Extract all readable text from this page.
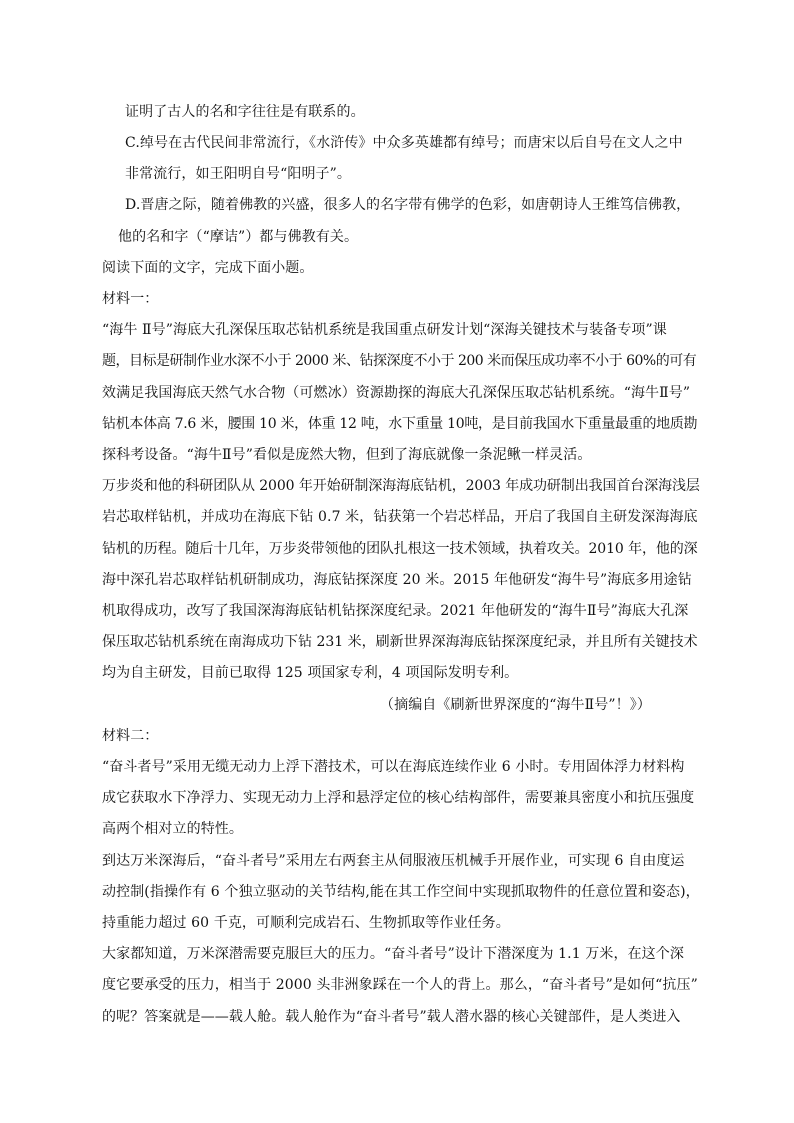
证明了古人的名和字往往是有联系的。
C.绰号在古代民间非常流行，《水浒传》中众多英雄都有绰号；而唐宋以后自号在文人之中
非常流行，如王阳明自号“阳明子”。
D.晋唐之际，随着佛教的兴盛，很多人的名字带有佛学的色彩，如唐朝诗人王维笃信佛教，
他的名和字（“摩诘”）都与佛教有关。
阅读下面的文字，完成下面小题。
材料一：
“海牛 Ⅱ号”海底大孔深保压取芯钻机系统是我国重点研发计划“深海关键技术与装备专项”课
题，目标是研制作业水深不小于 2000 米、钻探深度不小于 200 米而保压成功率不小于 60%的可有
效满足我国海底天然气水合物（可燃冰）资源勘探的海底大孔深保压取芯钻机系统。“海牛Ⅱ号”
钻机本体高 7.6 米，腰围 10 米，体重 12 吨，水下重量 10吨，是目前我国水下重量最重的地质勘
探科考设备。“海牛Ⅱ号”看似是庞然大物，但到了海底就像一条泥鳅一样灵活。
万步炎和他的科研团队从 2000 年开始研制深海海底钻机，2003 年成功研制出我国首台深海浅层
岩芯取样钻机，并成功在海底下钻 0.7 米，钻获第一个岩芯样品，开启了我国自主研发深海海底
钻机的历程。随后十几年，万步炎带领他的团队扎根这一技术领域，执着攻关。2010 年，他的深
海中深孔岩芯取样钻机研制成功，海底钻探深度 20 米。2015 年他研发“海牛号”海底多用途钻
机取得成功，改写了我国深海海底钻机钻探深度纪录。2021 年他研发的“海牛Ⅱ号”海底大孔深
保压取芯钻机系统在南海成功下钻 231 米，刷新世界深海海底钻探深度纪录，并且所有关键技术
均为自主研发，目前已取得 125 项国家专利，4 项国际发明专利。
（摘编自《刷新世界深度的“海牛Ⅱ号”！》）
材料二：
“奋斗者号”采用无缆无动力上浮下潜技术，可以在海底连续作业 6 小时。专用固体浮力材料构
成它获取水下净浮力、实现无动力上浮和悬浮定位的核心结构部件，需要兼具密度小和抗压强度
高两个相对立的特性。
到达万米深海后，“奋斗者号”采用左右两套主从伺服液压机械手开展作业，可实现 6 自由度运
动控制(指操作有 6 个独立驱动的关节结构,能在其工作空间中实现抓取物件的任意位置和姿态)，
持重能力超过 60 千克，可顺利完成岩石、生物抓取等作业任务。
大家都知道，万米深潜需要克服巨大的压力。“奋斗者号”设计下潜深度为 1.1 万米，在这个深
度它要承受的压力，相当于 2000 头非洲象踩在一个人的背上。那么，“奋斗者号”是如何“抗压”
的呢？答案就是——载人舱。载人舱作为“奋斗者号”载人潜水器的核心关键部件，是人类进入
